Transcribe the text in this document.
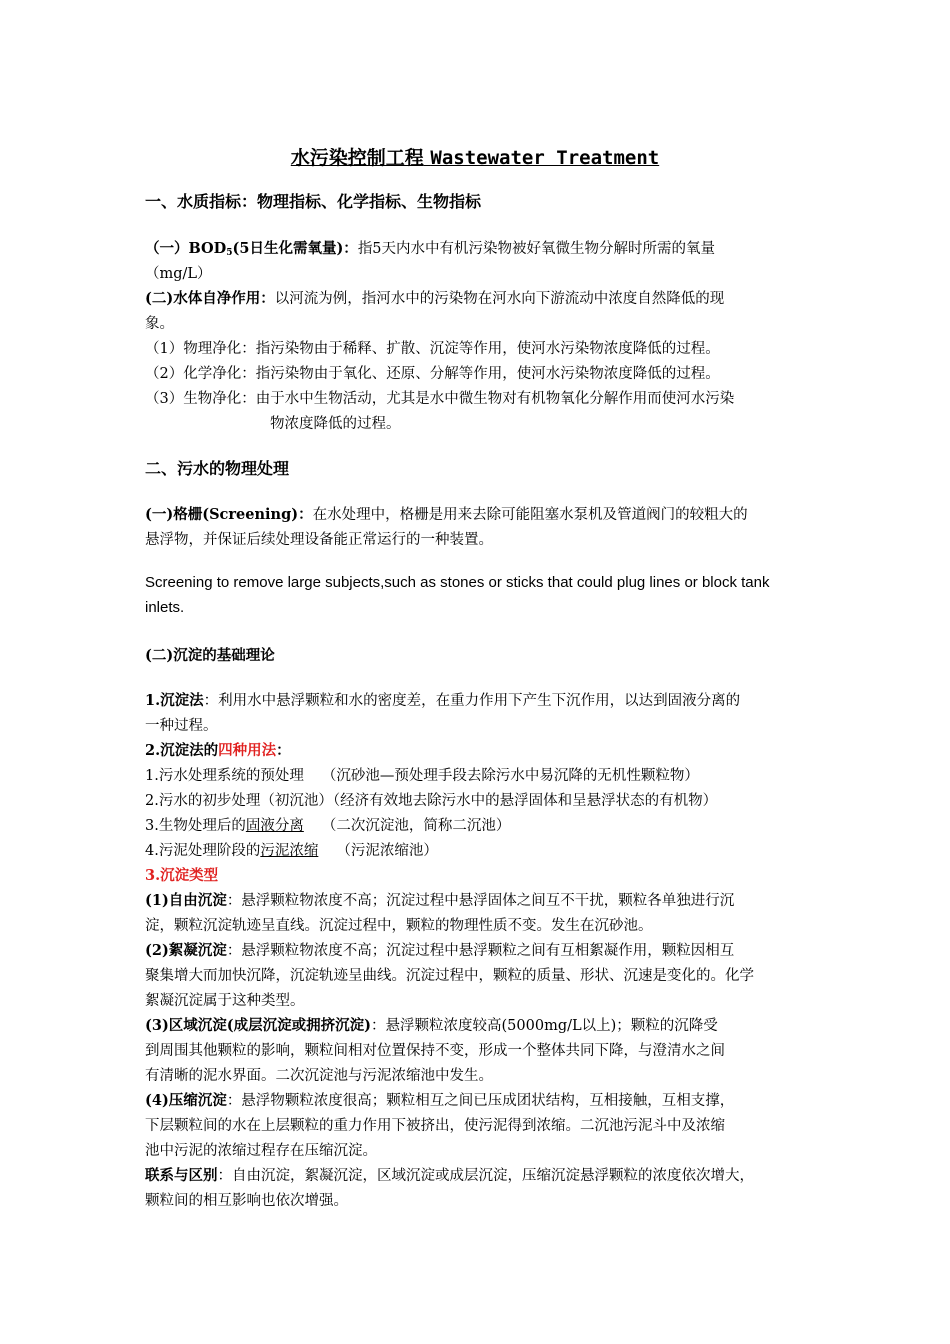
水污染控制工程 Wastewater Treatment
一、水质指标：物理指标、化学指标、生物指标
（一）$BOD_5(5$日生化需氧量)：指5天内水中有机污染物被好氧微生物分解时所需的氧量
（mg/L）
(二)水体自净作用：以河流为例，指河水中的污染物在河水向下游流动中浓度自然降低的现
象。
（1）物理净化：指污染物由于稀释、扩散、沉淀等作用，使河水污染物浓度降低的过程。
（2）化学净化：指污染物由于氧化、还原、分解等作用，使河水污染物浓度降低的过程。
（3）生物净化：由于水中生物活动，尤其是水中微生物对有机物氧化分解作用而使河水污染
物浓度降低的过程。
二、污水的物理处理
(一)格栅(Screening)：在水处理中，格栅是用来去除可能阻塞水泵机及管道阀门的较粗大的
悬浮物，并保证后续处理设备能正常运行的一种装置。
Screening to remove large subjects,such as stones or sticks that could plug lines or block tank
inlets.
(二)沉淀的基础理论
1.沉淀法：利用水中悬浮颗粒和水的密度差，在重力作用下产生下沉作用，以达到固液分离的
一种过程。
2.沉淀法的四种用法：
1.污水处理系统的预处理 （沉砂池—预处理手段去除污水中易沉降的无机性颗粒物）
2.污水的初步处理（初沉池）（经济有效地去除污水中的悬浮固体和呈悬浮状态的有机物）
3.生物处理后的固液分离 （二次沉淀池，简称二沉池）
4.污泥处理阶段的污泥浓缩 （污泥浓缩池）
3.沉淀类型
(1)自由沉淀：悬浮颗粒物浓度不高；沉淀过程中悬浮固体之间互不干扰，颗粒各单独进行沉
淀，颗粒沉淀轨迹呈直线。沉淀过程中，颗粒的物理性质不变。发生在沉砂池。
(2)絮凝沉淀：悬浮颗粒物浓度不高；沉淀过程中悬浮颗粒之间有互相絮凝作用，颗粒因相互
聚集增大而加快沉降，沉淀轨迹呈曲线。沉淀过程中，颗粒的质量、形状、沉速是变化的。化学
絮凝沉淀属于这种类型。
(3)区域沉淀(成层沉淀或拥挤沉淀)：悬浮颗粒浓度较高(5000mg/L以上)；颗粒的沉降受
到周围其他颗粒的影响，颗粒间相对位置保持不变，形成一个整体共同下降，与澄清水之间
有清晰的泥水界面。二次沉淀池与污泥浓缩池中发生。
(4)压缩沉淀：悬浮物颗粒浓度很高；颗粒相互之间已压成团状结构，互相接触，互相支撑，
下层颗粒间的水在上层颗粒的重力作用下被挤出，使污泥得到浓缩。二沉池污泥斗中及浓缩
池中污泥的浓缩过程存在压缩沉淀。
联系与区别：自由沉淀，絮凝沉淀，区域沉淀或成层沉淀，压缩沉淀悬浮颗粒的浓度依次增大，
颗粒间的相互影响也依次增强。
